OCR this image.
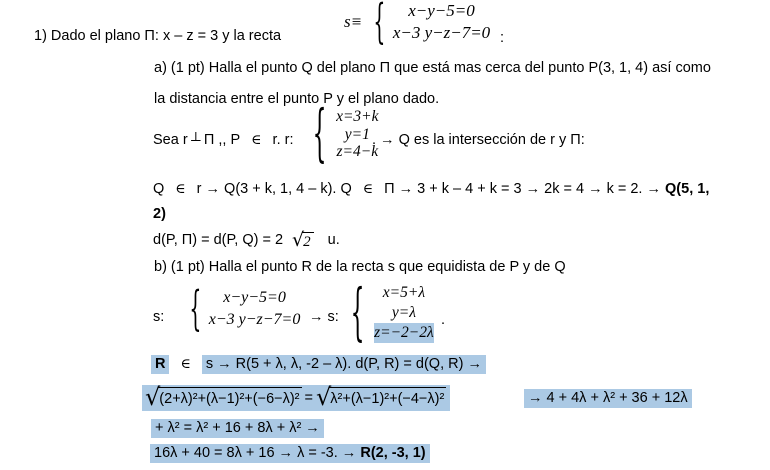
1) Dado el plano Π: x – z = 3 y la recta
s≡ { x−y−5=0
x−3 y−z−7=0 :
a) (1 pt) Halla el punto Q del plano Π que está mas cerca del punto P(3, 1, 4) así como
la distancia entre el punto P y el plano dado.
Sea r ⊥ Π ,, P ∈ r. r: { x=3+k
y=1
z=4−k
. → Q es la intersección de r y Π:
Q ∈ r → Q(3 + k, 1, 4 – k). Q ∈ Π → 3 + k – 4 + k = 3 → 2k = 4 → k = 2. → Q(5, 1,
2)
d(P, Π) = d(P, Q) = 2 √ 2 u.
b) (1 pt) Halla el punto R de la recta s que equidista de P y de Q
s: { x−y−5=0
x−3 y−z−7=0 → s: { x=5+λ
y=λ
z=−2−2λ
.
R ∈ s → R(5 + λ, λ, -2 – λ). d(P, R) = d(Q, R) →
√ (2+λ)²+(λ−1)²+(−6−λ)² = √ λ²+(λ−1)²+(−4−λ)²	→ 4 + 4λ + λ² + 36 + 12λ
+ λ² = λ² + 16 + 8λ + λ² →
16λ + 40 = 8λ + 16 → λ = -3. → R(2, -3, 1)
